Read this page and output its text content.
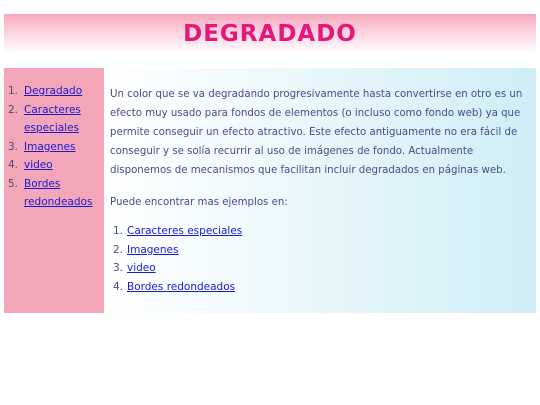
DEGRADADO
1. Degradado
2. Caracteres especiales
3. Imagenes
4. video
5. Bordes redondeados

Un color que se va degradando progresivamente hasta convertirse en otro es un efecto muy usado para fondos de elementos (o incluso como fondo web) ya que permite conseguir un efecto atractivo. Este efecto antiguamente no era fácil de conseguir y se solía recurrir al uso de imágenes de fondo. Actualmente disponemos de mecanismos que facilitan incluir degradados en páginas web.

Puede encontrar mas ejemplos en:

1. Caracteres especiales
2. Imagenes
3. video
4. Bordes redondeados
